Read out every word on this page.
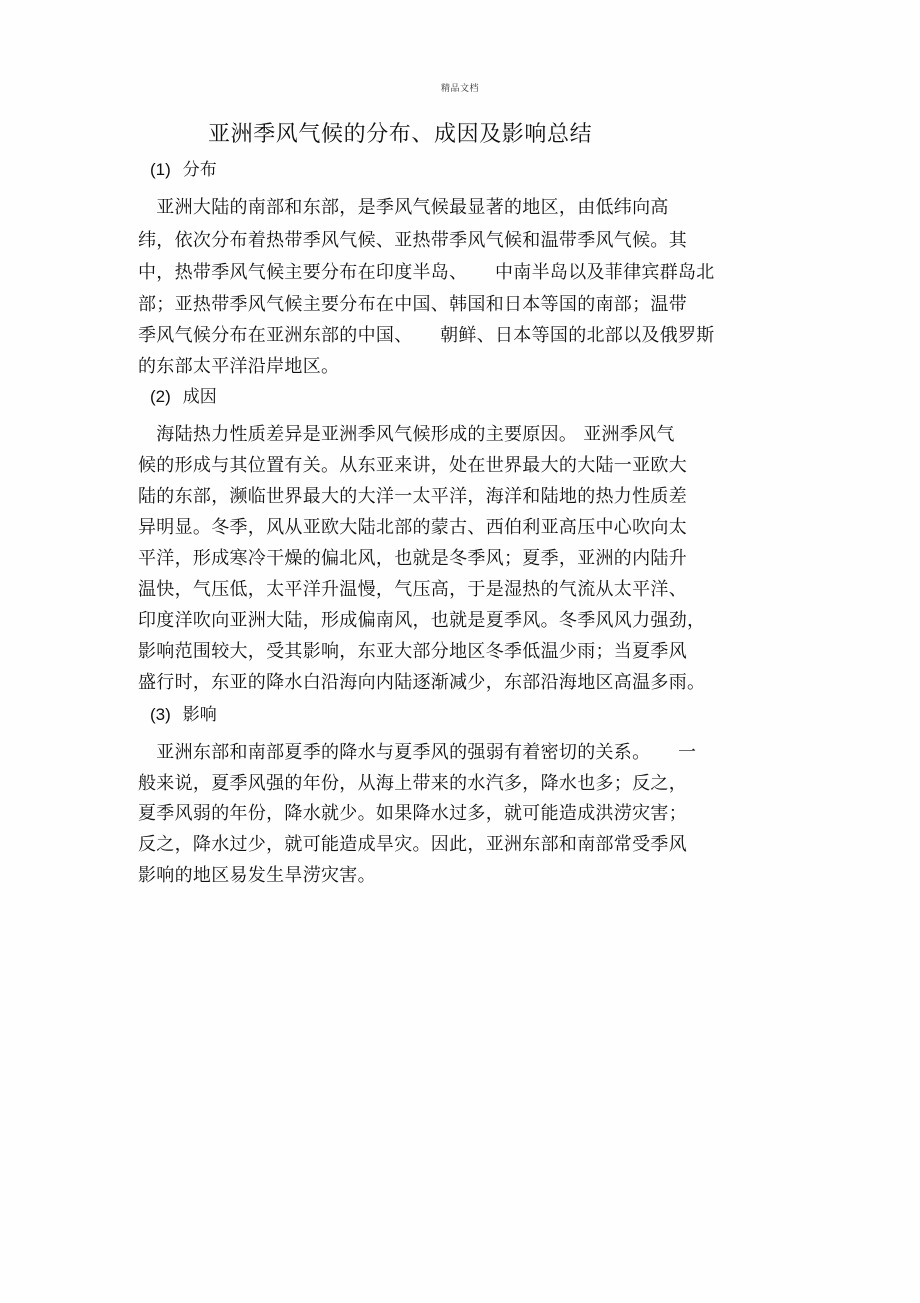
精品文档
亚洲季风气候的分布、成因及影响总结
(1) 分布
　亚洲大陆的南部和东部，是季风气候最显著的地区，由低纬向高
纬，依次分布着热带季风气候、亚热带季风气候和温带季风气候。其
中，热带季风气候主要分布在印度半岛、　　中南半岛以及菲律宾群岛北
部；亚热带季风气候主要分布在中国、韩国和日本等国的南部；温带
季风气候分布在亚洲东部的中国、　　朝鲜、日本等国的北部以及俄罗斯
的东部太平洋沿岸地区。
(2) 成因
　海陆热力性质差异是亚洲季风气候形成的主要原因。 亚洲季风气
候的形成与其位置有关。从东亚来讲，处在世界最大的大陆一亚欧大
陆的东部，濒临世界最大的大洋一太平洋，海洋和陆地的热力性质差
异明显。冬季，风从亚欧大陆北部的蒙古、西伯利亚高压中心吹向太
平洋，形成寒冷干燥的偏北风，也就是冬季风；夏季，亚洲的内陆升
温快，气压低，太平洋升温慢，气压高，于是湿热的气流从太平洋、
印度洋吹向亚洲大陆，形成偏南风，也就是夏季风。冬季风风力强劲，
影响范围较大，受其影响，东亚大部分地区冬季低温少雨；当夏季风
盛行时，东亚的降水白沿海向内陆逐渐减少，东部沿海地区高温多雨。
(3) 影响
　亚洲东部和南部夏季的降水与夏季风的强弱有着密切的关系。　　一
般来说，夏季风强的年份，从海上带来的水汽多，降水也多；反之，
夏季风弱的年份，降水就少。如果降水过多，就可能造成洪涝灾害；
反之，降水过少，就可能造成旱灾。因此，亚洲东部和南部常受季风
影响的地区易发生旱涝灾害。
